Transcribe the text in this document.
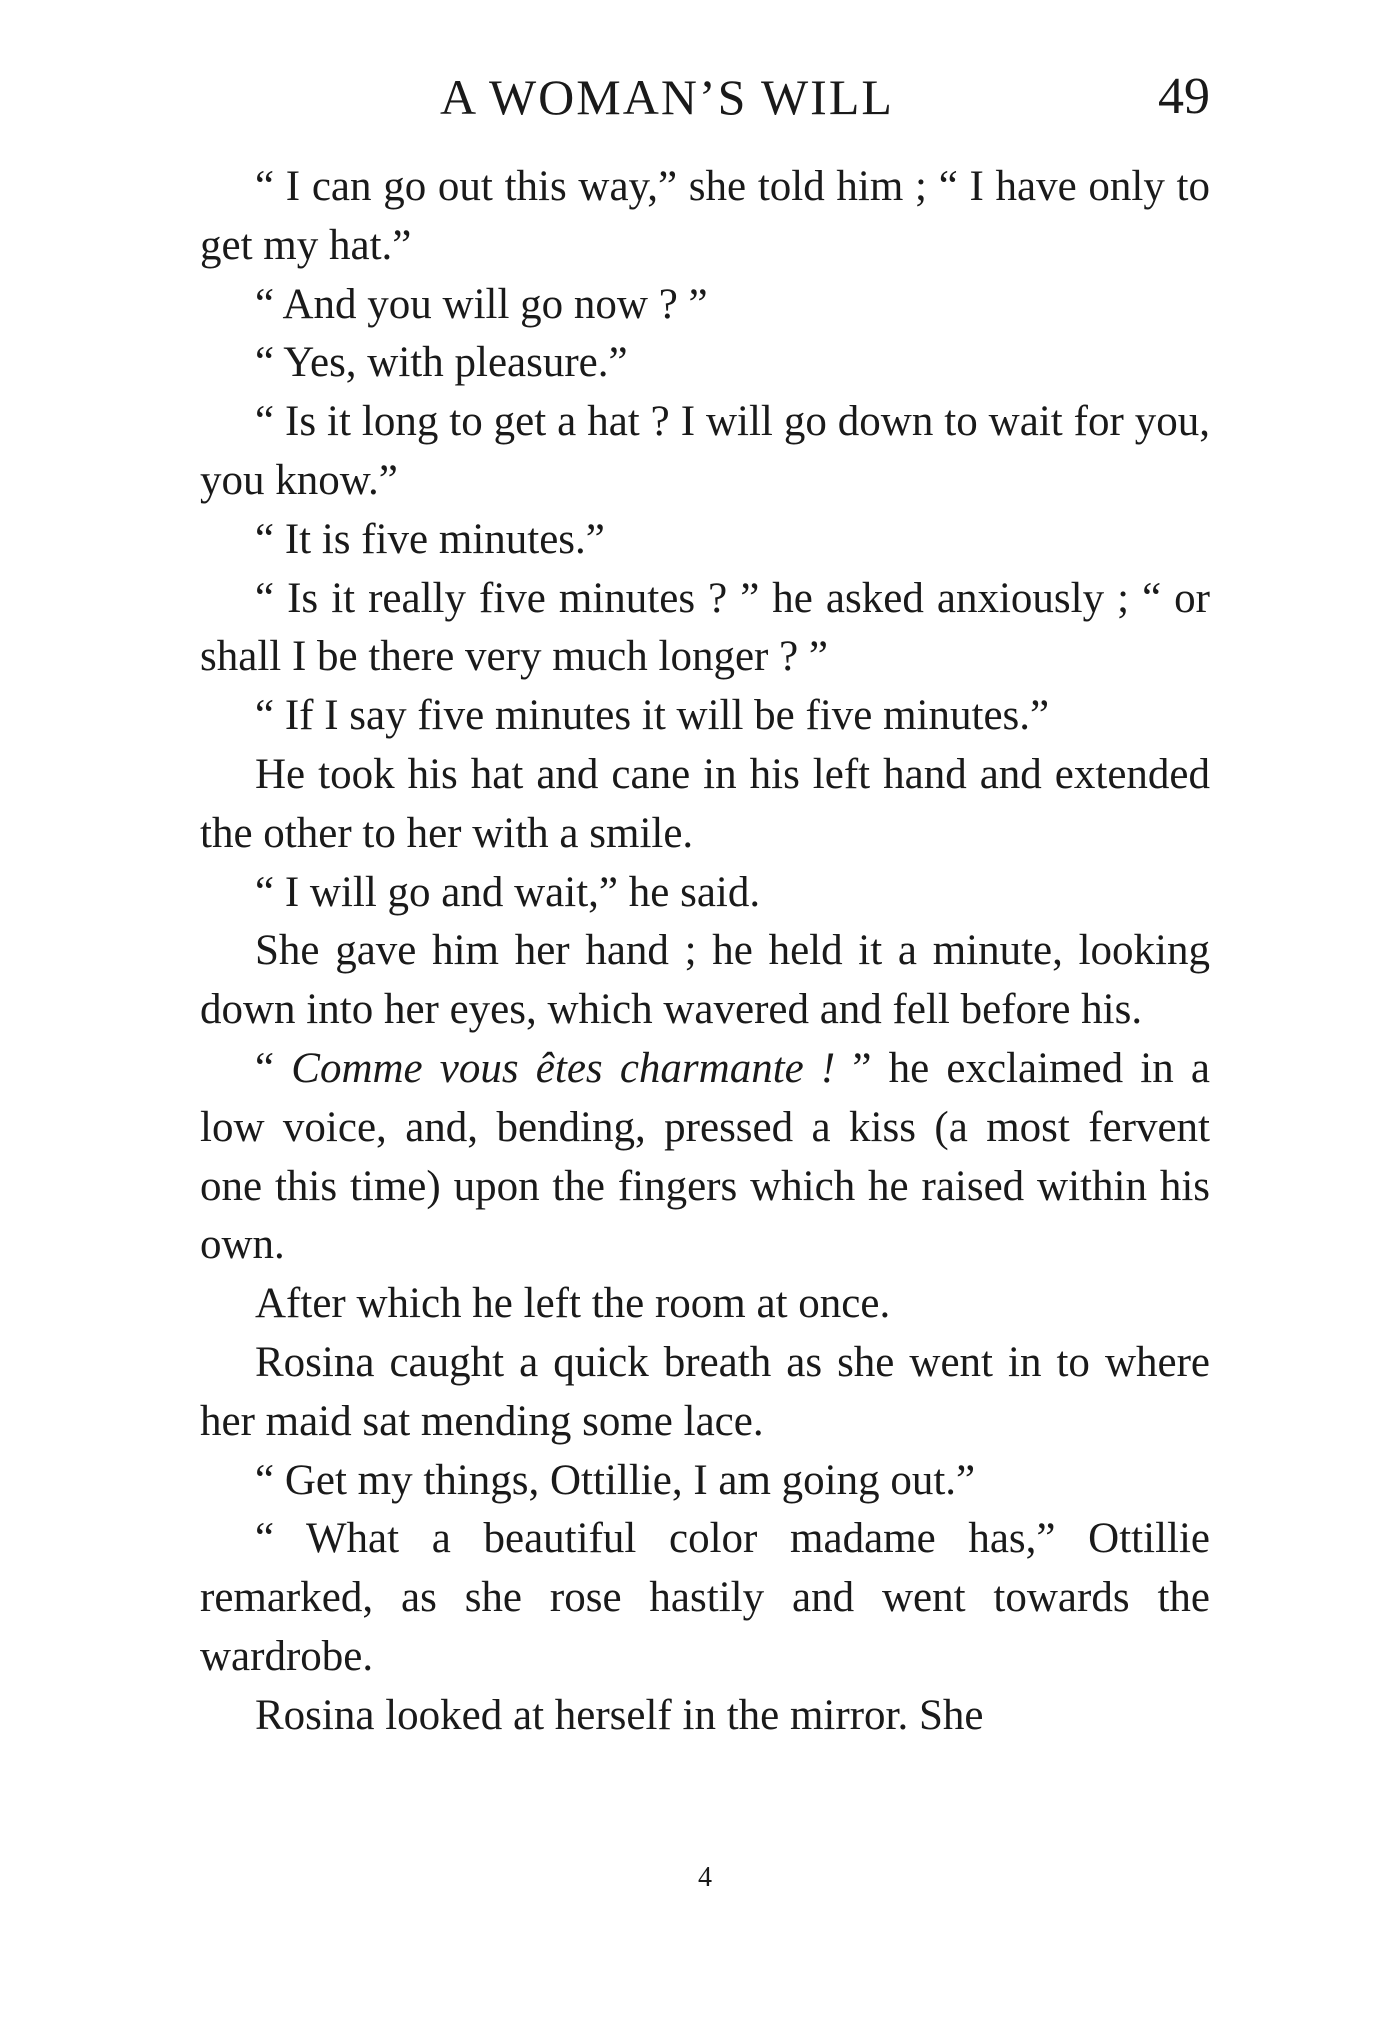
A WOMAN’S WILL	49

“ I can go out this way,” she told him ; “ I have only to get my hat.”

“ And you will go now ? ”

“ Yes, with pleasure.”

“ Is it long to get a hat ? I will go down to wait for you, you know.”

“ It is five minutes.”

“ Is it really five minutes ? ” he asked anxiously ; “ or shall I be there very much longer ? ”

“ If I say five minutes it will be five minutes.”

He took his hat and cane in his left hand and extended the other to her with a smile.

“ I will go and wait,” he said.

She gave him her hand ; he held it a minute, looking down into her eyes, which wavered and fell before his.

“ Comme vous êtes charmante ! ” he exclaimed in a low voice, and, bending, pressed a kiss (a most fervent one this time) upon the fingers which he raised within his own.

After which he left the room at once.

Rosina caught a quick breath as she went in to where her maid sat mending some lace.

“ Get my things, Ottillie, I am going out.”

“ What a beautiful color madame has,” Ottillie remarked, as she rose hastily and went towards the wardrobe.

Rosina looked at herself in the mirror. She

4
